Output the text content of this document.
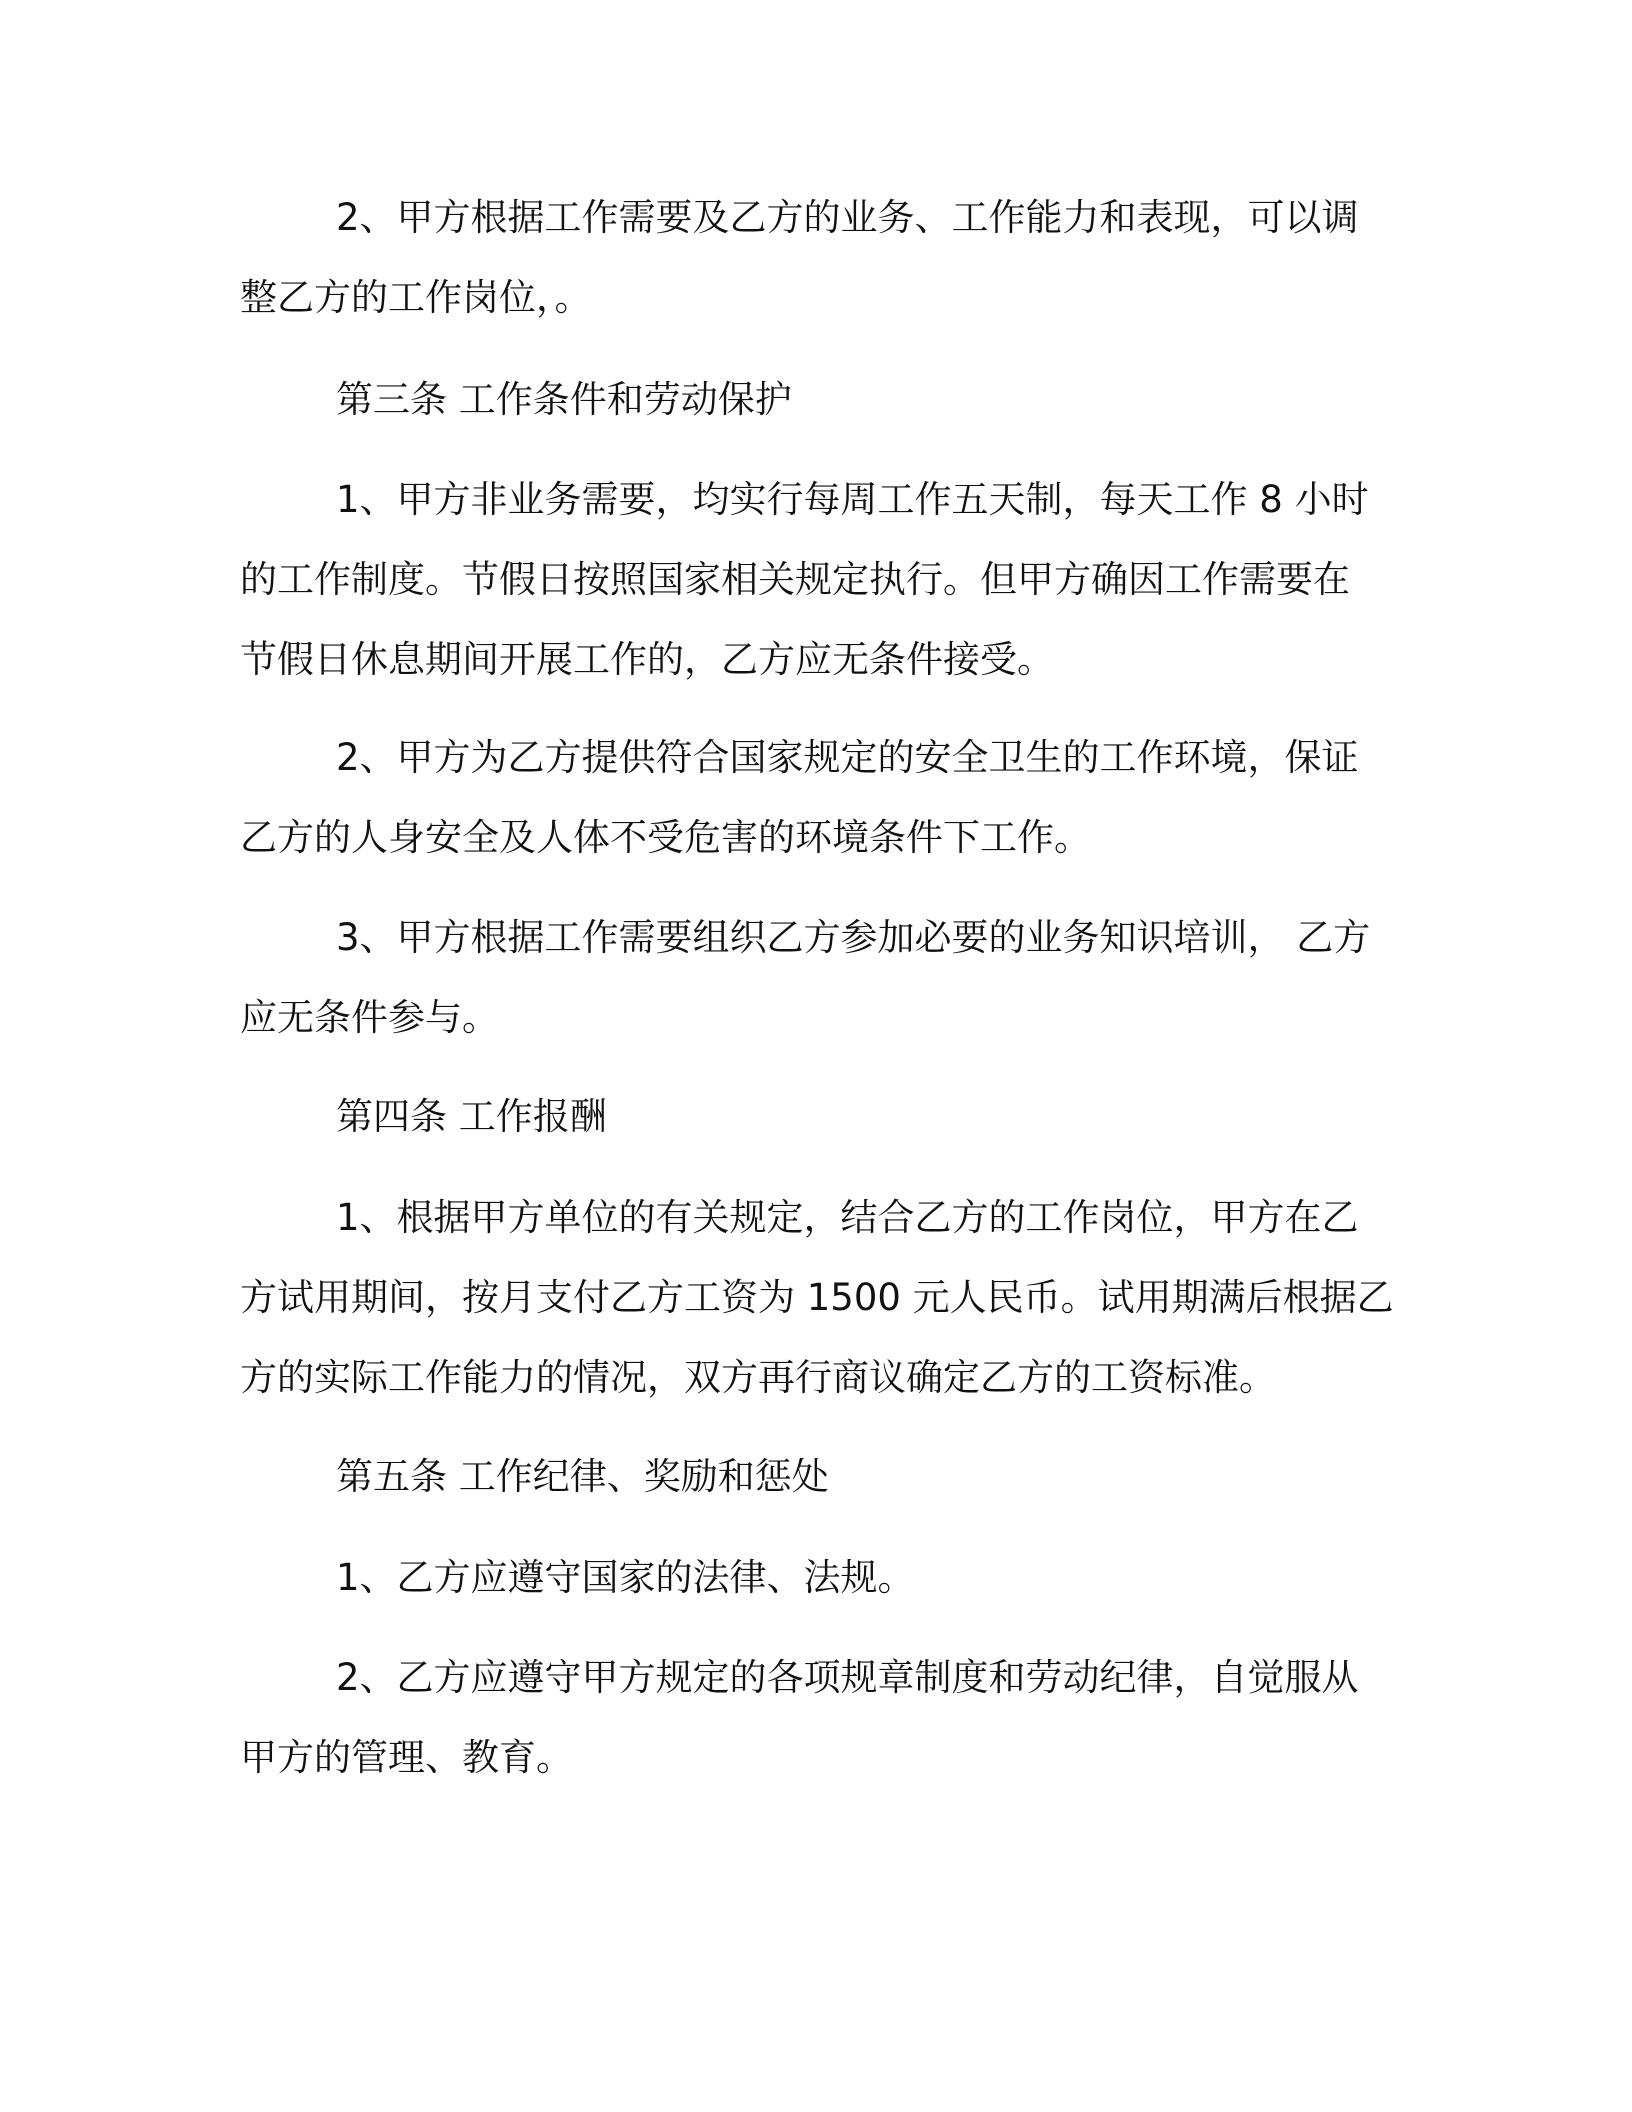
2、甲方根据工作需要及乙方的业务、工作能力和表现，可以调
整乙方的工作岗位，。
第三条 工作条件和劳动保护
1、甲方非业务需要，均实行每周工作五天制，每天工作 8 小时
的工作制度。节假日按照国家相关规定执行。但甲方确因工作需要在
节假日休息期间开展工作的，乙方应无条件接受。
2、甲方为乙方提供符合国家规定的安全卫生的工作环境，保证
乙方的人身安全及人体不受危害的环境条件下工作。
3、甲方根据工作需要组织乙方参加必要的业务知识培训， 乙方
应无条件参与。
第四条 工作报酬
1、根据甲方单位的有关规定，结合乙方的工作岗位，甲方在乙
方试用期间，按月支付乙方工资为 1500 元人民币。试用期满后根据乙
方的实际工作能力的情况，双方再行商议确定乙方的工资标准。
第五条 工作纪律、奖励和惩处
1、乙方应遵守国家的法律、法规。
2、乙方应遵守甲方规定的各项规章制度和劳动纪律，自觉服从
甲方的管理、教育。
